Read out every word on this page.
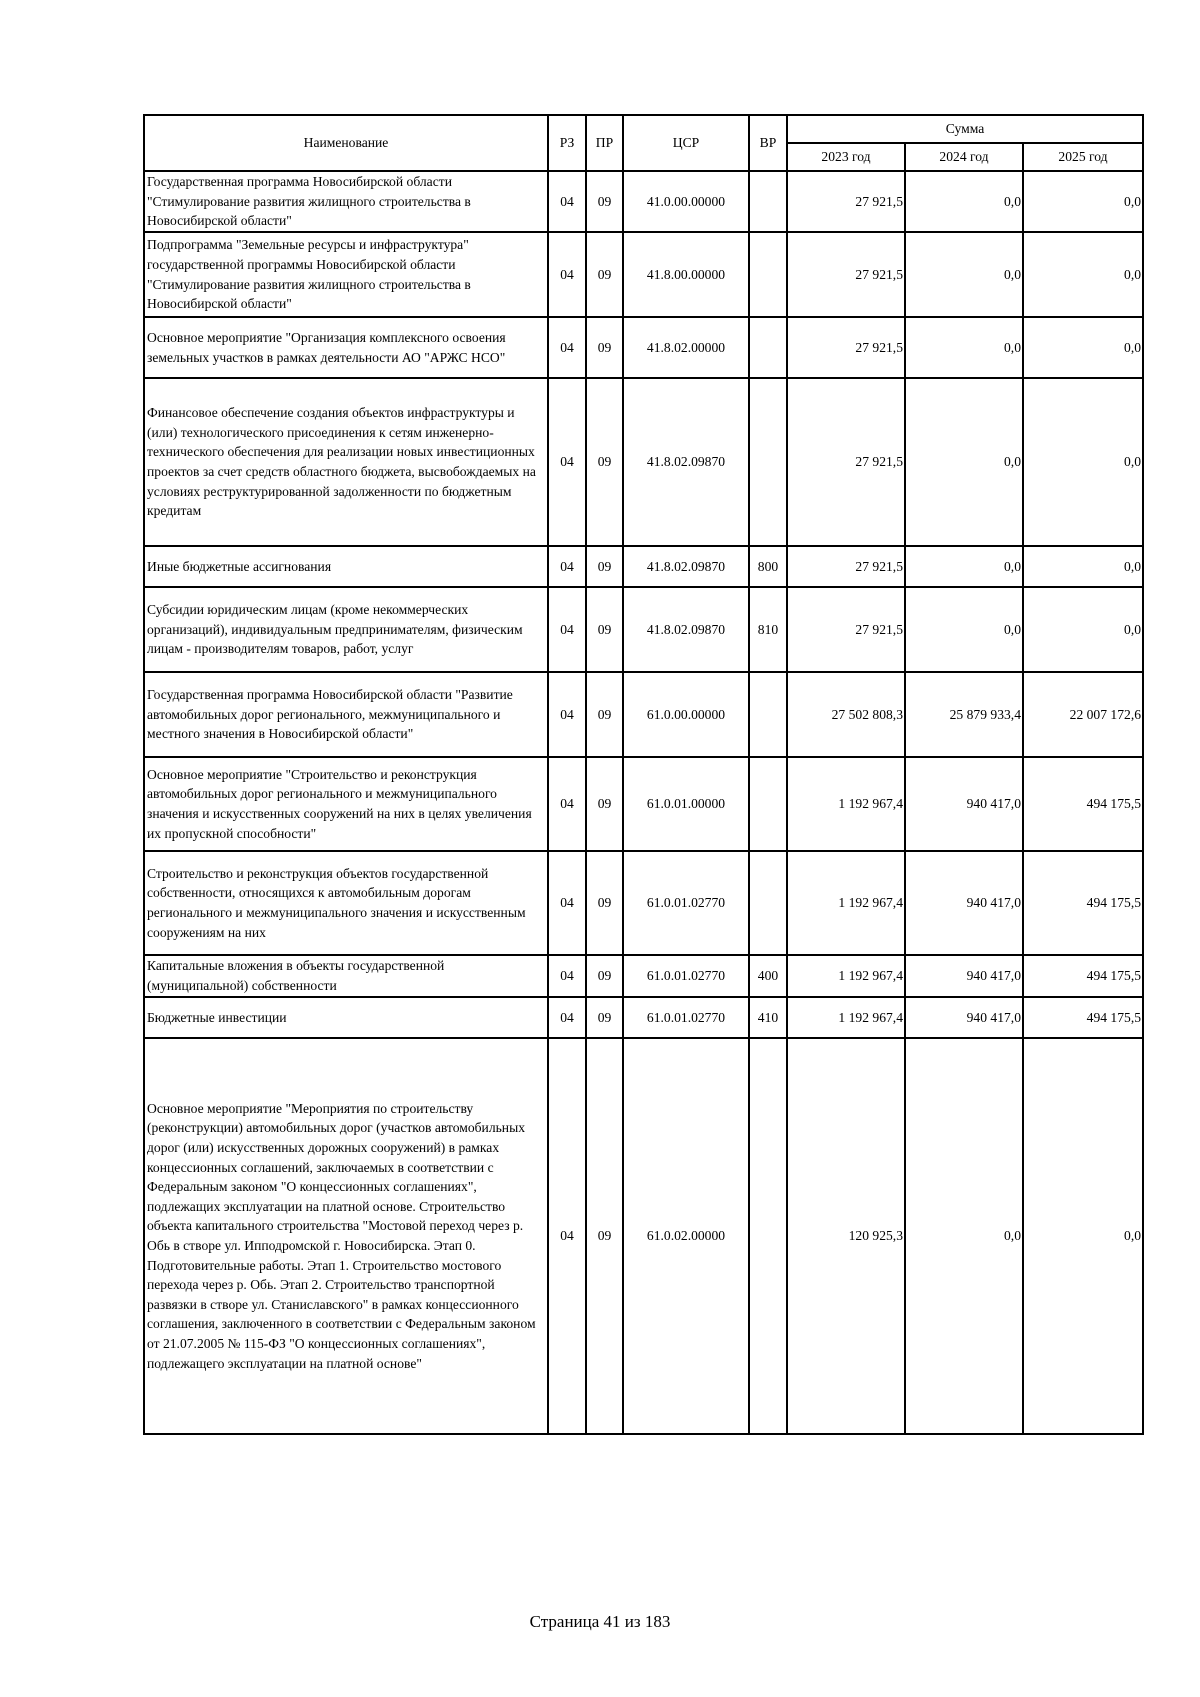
Наименование	РЗ	ПР	ЦСР	ВР	Сумма		
					2023 год	2024 год	2025 год
Государственная программа Новосибирской области "Стимулирование развития жилищного строительства в Новосибирской области"	04	09	41.0.00.00000		27 921,5	0,0	0,0
Подпрограмма "Земельные ресурсы и инфраструктура" государственной программы Новосибирской области "Стимулирование развития жилищного строительства в Новосибирской области"	04	09	41.8.00.00000		27 921,5	0,0	0,0
Основное мероприятие "Организация комплексного освоения земельных участков в рамках деятельности АО "АРЖС НСО"	04	09	41.8.02.00000		27 921,5	0,0	0,0
Финансовое обеспечение создания объектов инфраструктуры и (или) технологического присоединения к сетям инженерно-технического обеспечения для реализации новых инвестиционных проектов за счет средств областного бюджета, высвобождаемых на условиях реструктурированной задолженности по бюджетным кредитам	04	09	41.8.02.09870		27 921,5	0,0	0,0
Иные бюджетные ассигнования	04	09	41.8.02.09870	800	27 921,5	0,0	0,0
Субсидии юридическим лицам (кроме некоммерческих организаций), индивидуальным предпринимателям, физическим лицам - производителям товаров, работ, услуг	04	09	41.8.02.09870	810	27 921,5	0,0	0,0
Государственная программа Новосибирской области "Развитие автомобильных дорог регионального, межмуниципального и местного значения в Новосибирской области"	04	09	61.0.00.00000		27 502 808,3	25 879 933,4	22 007 172,6
Основное мероприятие "Строительство и реконструкция автомобильных дорог регионального и межмуниципального значения и искусственных сооружений на них в целях увеличения их пропускной способности"	04	09	61.0.01.00000		1 192 967,4	940 417,0	494 175,5
Строительство и реконструкция объектов государственной собственности, относящихся к автомобильным дорогам регионального и межмуниципального значения и искусственным сооружениям на них	04	09	61.0.01.02770		1 192 967,4	940 417,0	494 175,5
Капитальные вложения в объекты государственной (муниципальной) собственности	04	09	61.0.01.02770	400	1 192 967,4	940 417,0	494 175,5
Бюджетные инвестиции	04	09	61.0.01.02770	410	1 192 967,4	940 417,0	494 175,5
Основное мероприятие "Мероприятия по строительству (реконструкции) автомобильных дорог (участков автомобильных дорог (или) искусственных дорожных сооружений) в рамках концессионных соглашений, заключаемых в соответствии с Федеральным законом "О концессионных соглашениях", подлежащих эксплуатации на платной основе. Строительство объекта капитального строительства "Мостовой переход через р. Обь в створе ул. Ипподромской г. Новосибирска. Этап 0. Подготовительные работы. Этап 1. Строительство мостового перехода через р. Обь. Этап 2. Строительство транспортной развязки в створе ул. Станиславского" в рамках концессионного соглашения, заключенного в соответствии с Федеральным законом от 21.07.2005 № 115-ФЗ "О концессионных соглашениях", подлежащего эксплуатации на платной основе"	04	09	61.0.02.00000		120 925,3	0,0	0,0
Страница 41 из 183
